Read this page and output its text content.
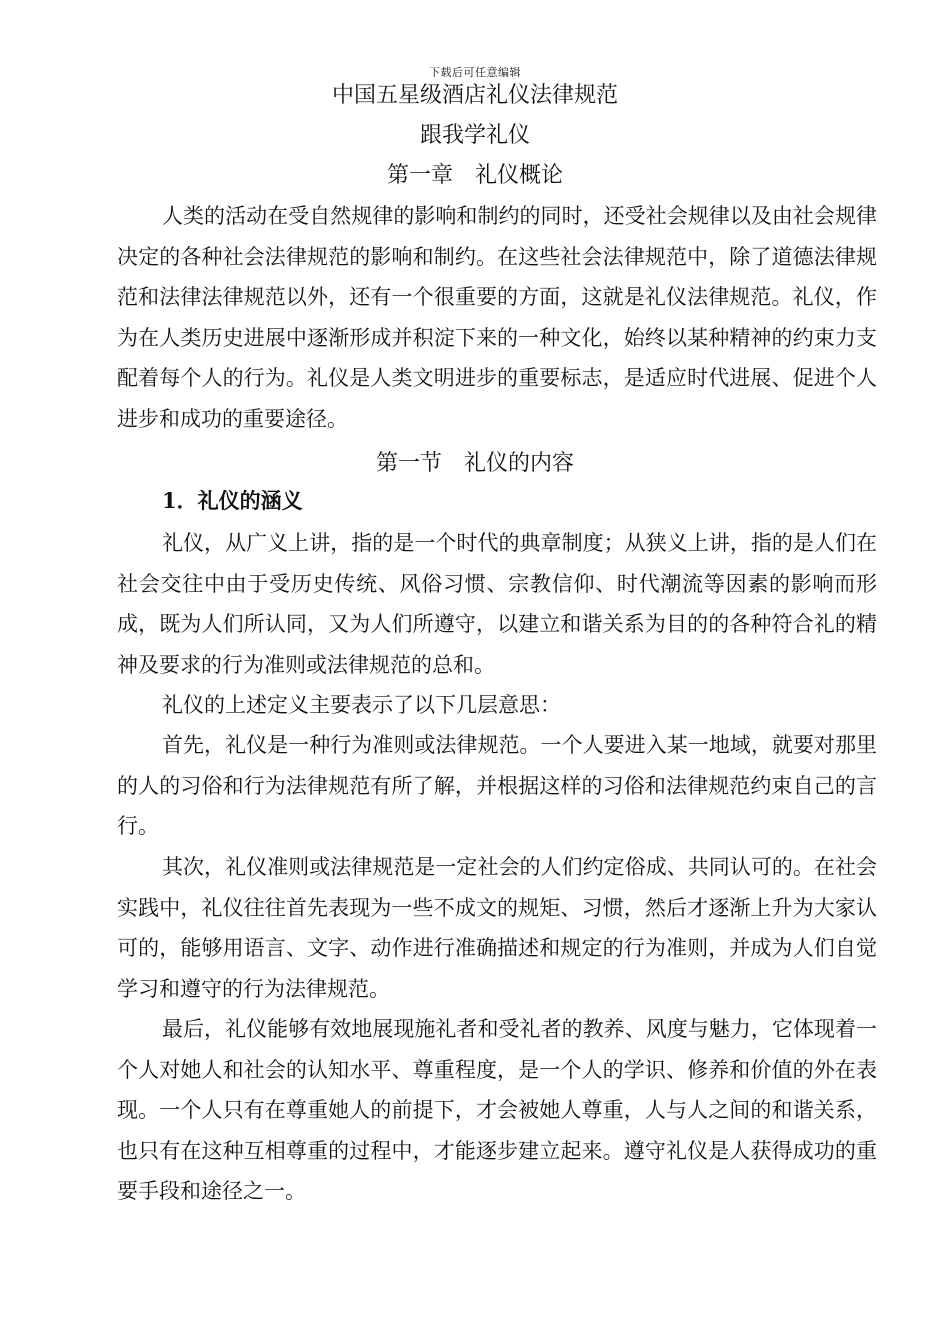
下载后可任意编辑
中国五星级酒店礼仪法律规范
跟我学礼仪
第一章　礼仪概论

人类的活动在受自然规律的影响和制约的同时，还受社会规律以及由社会规律决定的各种社会法律规范的影响和制约。在这些社会法律规范中，除了道德法律规范和法律法律规范以外，还有一个很重要的方面，这就是礼仪法律规范。礼仪，作为在人类历史进展中逐渐形成并积淀下来的一种文化，始终以某种精神的约束力支配着每个人的行为。礼仪是人类文明进步的重要标志，是适应时代进展、促进个人进步和成功的重要途径。

第一节　礼仪的内容
1．礼仪的涵义

礼仪，从广义上讲，指的是一个时代的典章制度；从狭义上讲，指的是人们在社会交往中由于受历史传统、风俗习惯、宗教信仰、时代潮流等因素的影响而形成，既为人们所认同，又为人们所遵守，以建立和谐关系为目的的各种符合礼的精神及要求的行为准则或法律规范的总和。

礼仪的上述定义主要表示了以下几层意思：

首先，礼仪是一种行为准则或法律规范。一个人要进入某一地域，就要对那里的人的习俗和行为法律规范有所了解，并根据这样的习俗和法律规范约束自己的言行。

其次，礼仪准则或法律规范是一定社会的人们约定俗成、共同认可的。在社会实践中，礼仪往往首先表现为一些不成文的规矩、习惯，然后才逐渐上升为大家认可的，能够用语言、文字、动作进行准确描述和规定的行为准则，并成为人们自觉学习和遵守的行为法律规范。

最后，礼仪能够有效地展现施礼者和受礼者的教养、风度与魅力，它体现着一个人对她人和社会的认知水平、尊重程度，是一个人的学识、修养和价值的外在表现。一个人只有在尊重她人的前提下，才会被她人尊重，人与人之间的和谐关系，也只有在这种互相尊重的过程中，才能逐步建立起来。遵守礼仪是人获得成功的重要手段和途径之一。
